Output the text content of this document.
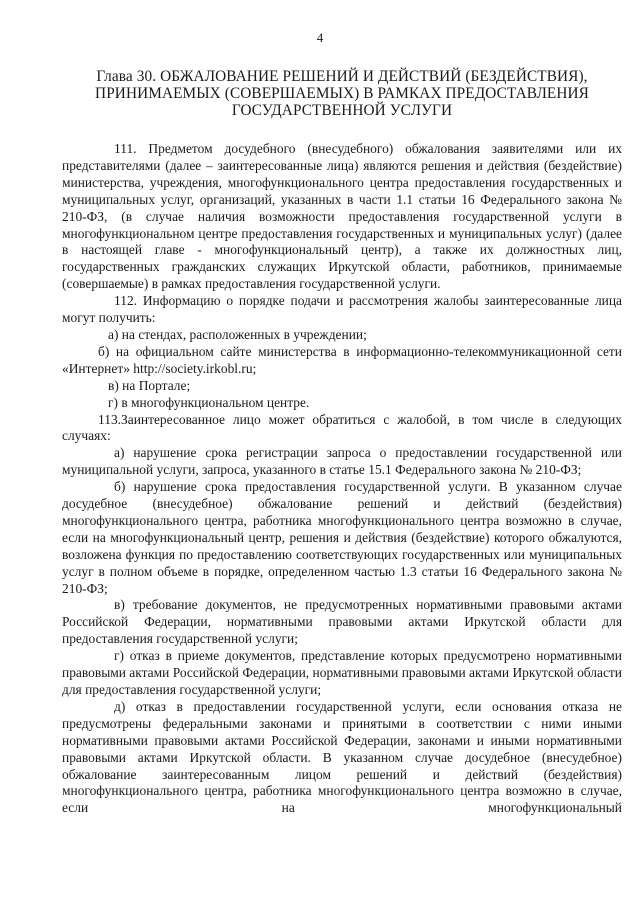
4
Глава 30. ОБЖАЛОВАНИЕ РЕШЕНИЙ И ДЕЙСТВИЙ (БЕЗДЕЙСТВИЯ),
ПРИНИМАЕМЫХ (СОВЕРШАЕМЫХ) В РАМКАХ ПРЕДОСТАВЛЕНИЯ
ГОСУДАРСТВЕННОЙ УСЛУГИ

111. Предметом досудебного (внесудебного) обжалования заявителями или их представителями (далее – заинтересованные лица) являются решения и действия (бездействие) министерства, учреждения, многофункционального центра предоставления государственных и муниципальных услуг, организаций, указанных в части 1.1 статьи 16 Федерального закона № 210-ФЗ, (в случае наличия возможности предоставления государственной услуги в многофункциональном центре предоставления государственных и муниципальных услуг) (далее в настоящей главе - многофункциональный центр), а также их должностных лиц, государственных гражданских служащих Иркутской области, работников, принимаемые (совершаемые) в рамках предоставления государственной услуги.

112. Информацию о порядке подачи и рассмотрения жалобы заинтересованные лица могут получить:

а) на стендах, расположенных в учреждении;

б) на официальном сайте министерства в информационно-телекоммуникационной сети «Интернет» http://society.irkobl.ru;

в) на Портале;

г) в многофункциональном центре.

113.Заинтересованное лицо может обратиться с жалобой, в том числе в следующих случаях:

а) нарушение срока регистрации запроса о предоставлении государственной или муниципальной услуги, запроса, указанного в статье 15.1 Федерального закона № 210-ФЗ;

б) нарушение срока предоставления государственной услуги. В указанном случае досудебное (внесудебное) обжалование решений и действий (бездействия) многофункционального центра, работника многофункционального центра возможно в случае, если на многофункциональный центр, решения и действия (бездействие) которого обжалуются, возложена функция по предоставлению соответствующих государственных или муниципальных услуг в полном объеме в порядке, определенном частью 1.3 статьи 16 Федерального закона № 210-ФЗ;

в) требование документов, не предусмотренных нормативными правовыми актами Российской Федерации, нормативными правовыми актами Иркутской области для предоставления государственной услуги;

г) отказ в приеме документов, представление которых предусмотрено нормативными правовыми актами Российской Федерации, нормативными правовыми актами Иркутской области для предоставления государственной услуги;

д) отказ в предоставлении государственной услуги, если основания отказа не предусмотрены федеральными законами и принятыми в соответствии с ними иными нормативными правовыми актами Российской Федерации, законами и иными нормативными правовыми актами Иркутской области. В указанном случае досудебное (внесудебное) обжалование заинтересованным лицом решений и действий (бездействия) многофункционального центра, работника многофункционального центра возможно в случае, если на многофункциональный
